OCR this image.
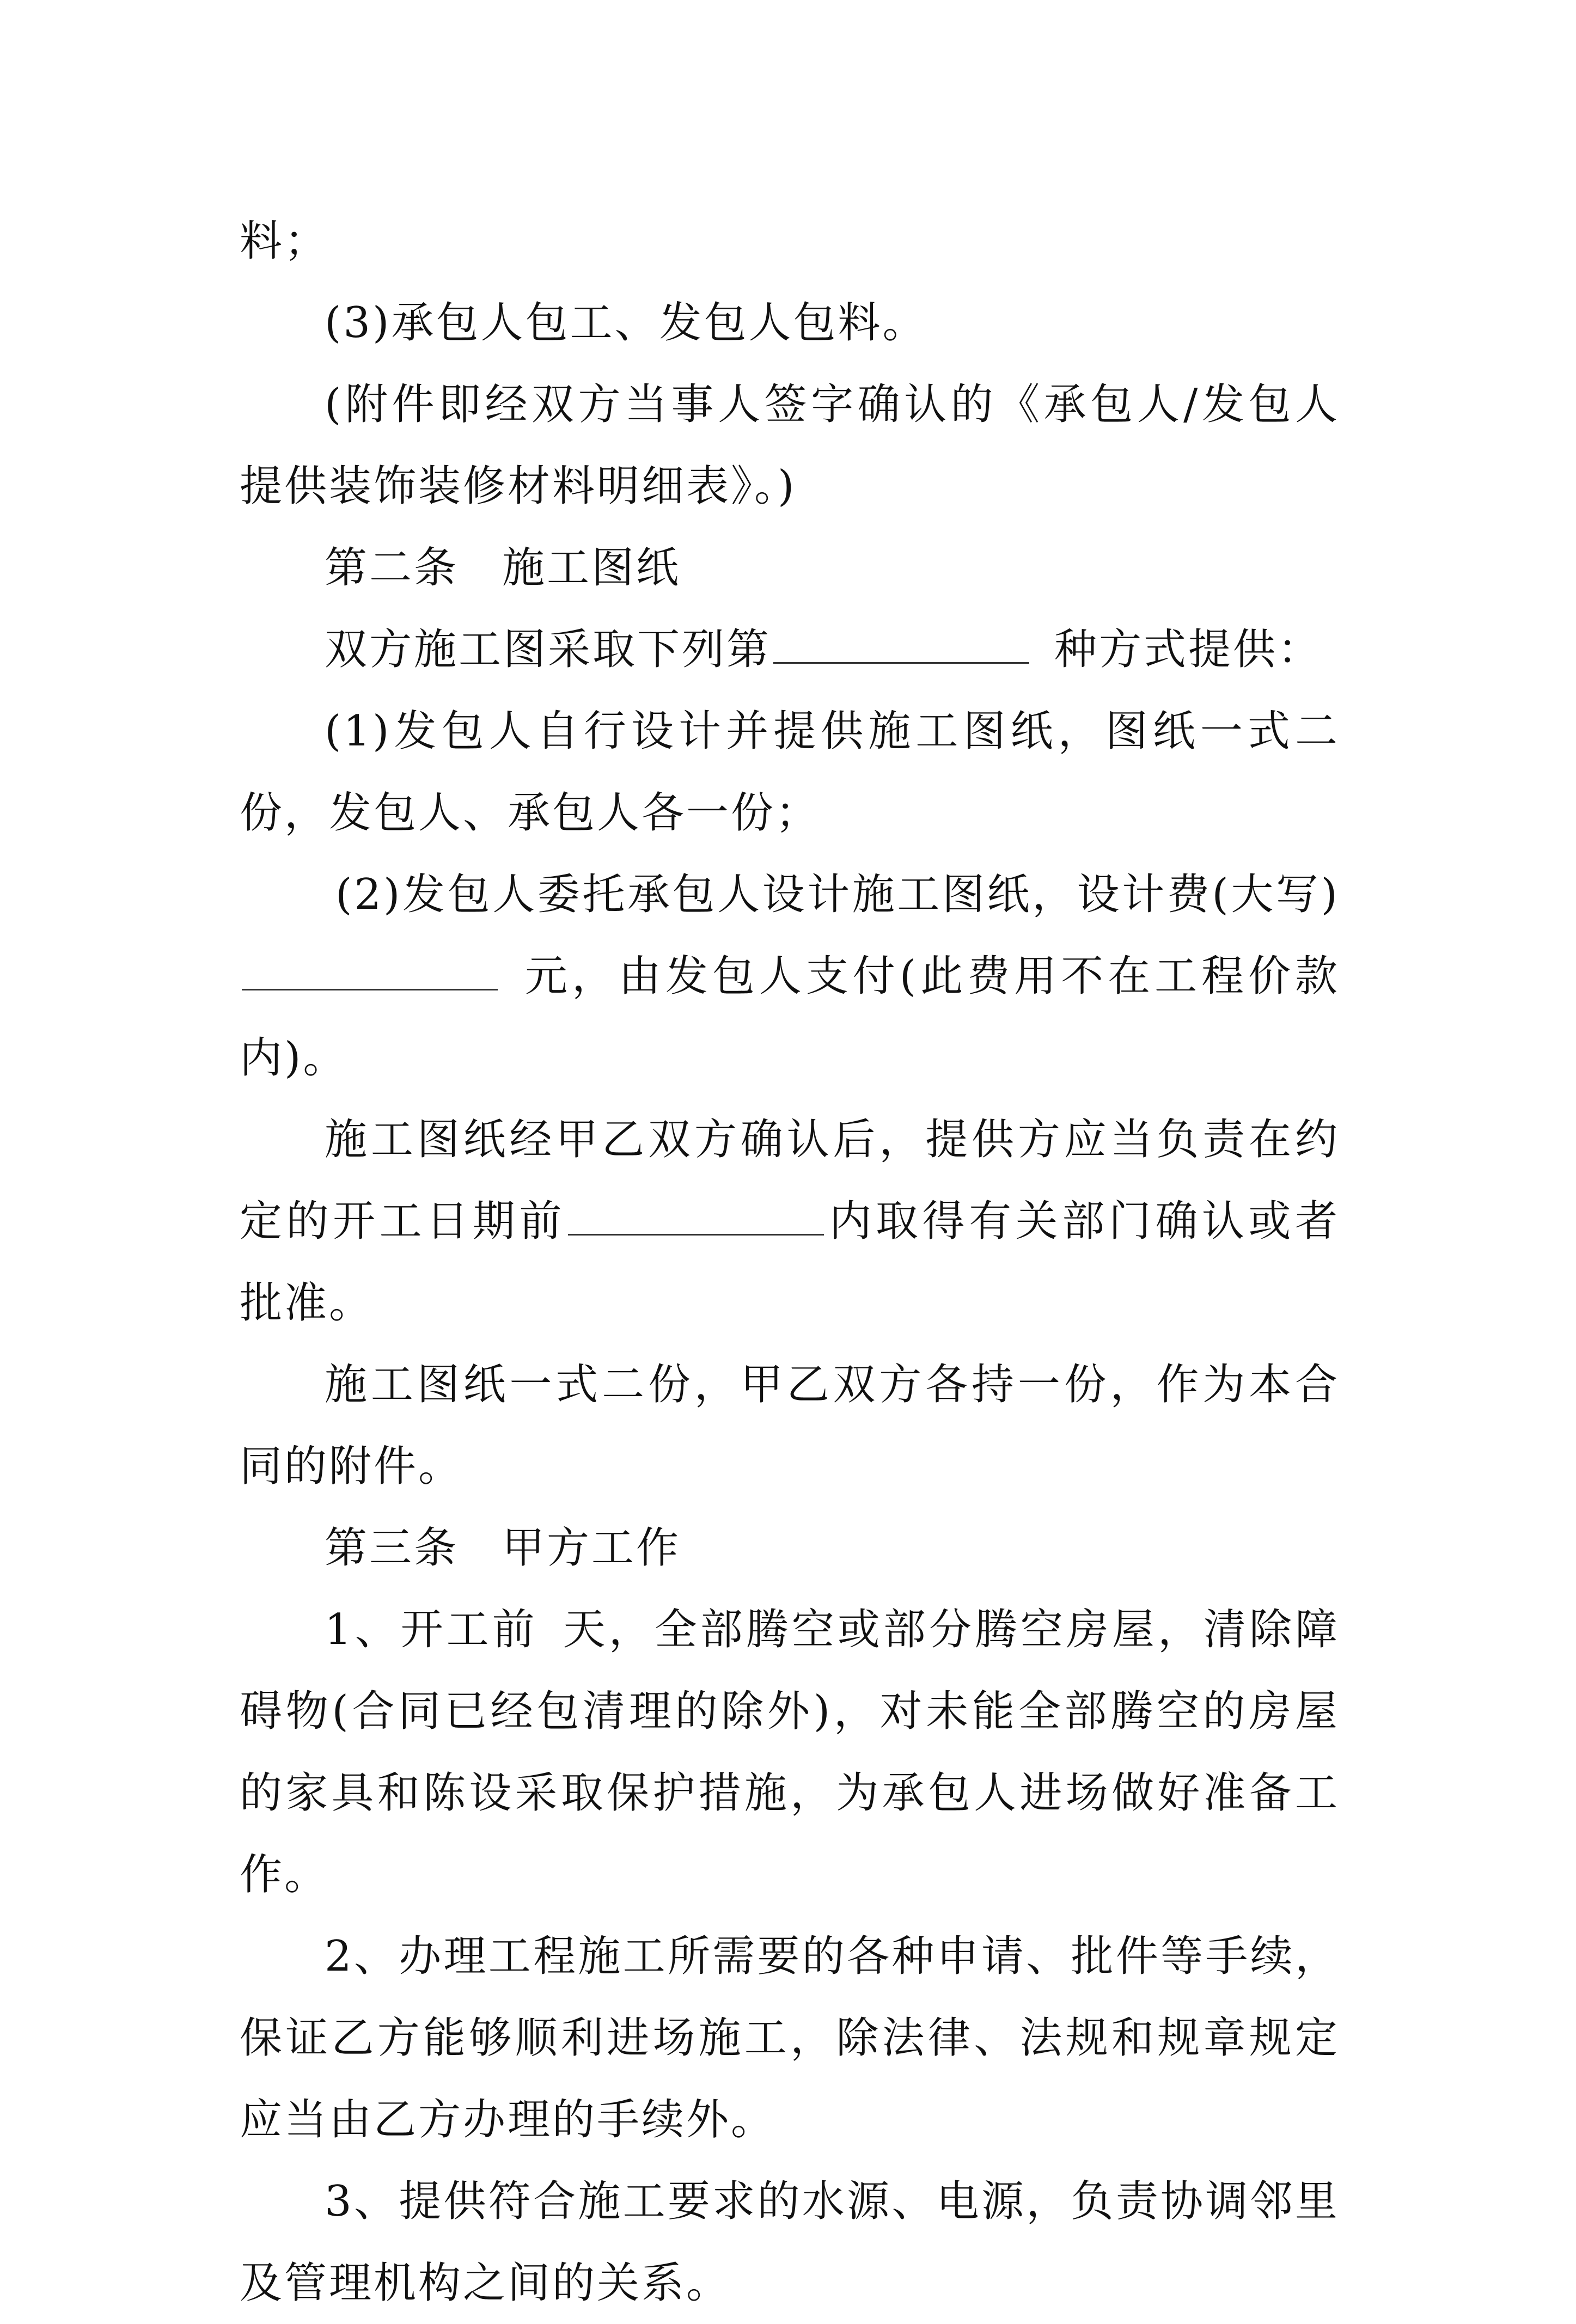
料；

(3)承包人包工、发包人包料。

(附件即经双方当事人签字确认的《承包人/发包人提供装饰装修材料明细表》。)

第二条 施工图纸

双方施工图采取下列第	种方式提供：

(1)发包人自行设计并提供施工图纸，图纸一式二份，发包人、承包人各一份；

(2)发包人委托承包人设计施工图纸，设计费(大写)元，由发包人支付(此费用不在工程价款内)。

施工图纸经甲乙双方确认后，提供方应当负责在约定的开工日期前	内取得有关部门确认或者批准。

施工图纸一式二份，甲乙双方各持一份，作为本合同的附件。

第三条 甲方工作

1、开工前 天，全部腾空或部分腾空房屋，清除障碍物(合同已经包清理的除外)，对未能全部腾空的房屋的家具和陈设采取保护措施，为承包人进场做好准备工作。

2、办理工程施工所需要的各种申请、批件等手续，保证乙方能够顺利进场施工，除法律、法规和规章规定应当由乙方办理的手续外。

3、提供符合施工要求的水源、电源，负责协调邻里及管理机构之间的关系。
